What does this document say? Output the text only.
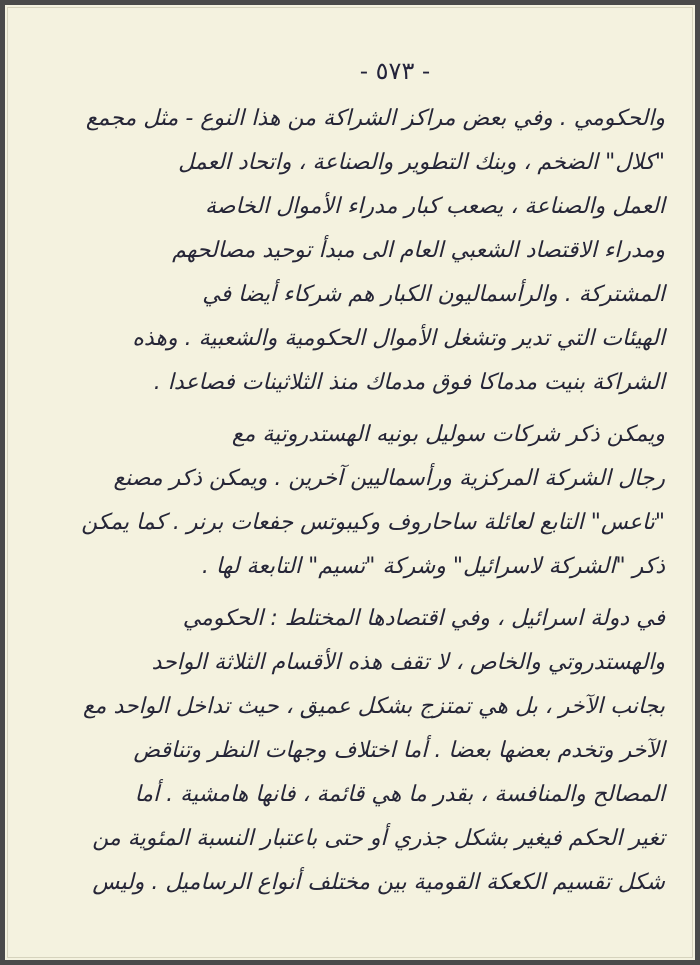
- ٥٧٣ -
والحكومي . وفي بعض مراكز الشراكة من هذا النوع - مثل مجمع
"كلال" الضخم ، وبنك التطوير والصناعة ، واتحاد العمل
العمل والصناعة ، يصعب كبار مدراء الأموال الخاصة
ومدراء الاقتصاد الشعبي العام الى مبدأ توحيد مصالحهم
المشتركة . والرأسماليون الكبار هم شركاء أيضا في
الهيئات التي تدير وتشغل الأموال الحكومية والشعبية . وهذه
الشراكة بنيت مدماكا فوق مدماك منذ الثلاثينات فصاعدا .
ويمكن ذكر شركات سوليل بونيه الهستدروتية مع
رجال الشركة المركزية ورأسماليين آخرين . ويمكن ذكر مصنع
"تاعس" التابع لعائلة ساحاروف وكيبوتس جفعات برنر . كما يمكن
ذكر "الشركة لاسرائيل" وشركة "تسيم" التابعة لها .
في دولة اسرائيل ، وفي اقتصادها المختلط : الحكومي
والهستدروتي والخاص ، لا تقف هذه الأقسام الثلاثة الواحد
بجانب الآخر ، بل هي تمتزج بشكل عميق ، حيث تداخل الواحد مع
الآخر وتخدم بعضها بعضا . أما اختلاف وجهات النظر وتناقض
المصالح والمنافسة ، بقدر ما هي قائمة ، فانها هامشية . أما
تغير الحكم فيغير بشكل جذري أو حتى باعتبار النسبة المئوية من
شكل تقسيم الكعكة القومية بين مختلف أنواع الرساميل . وليس
